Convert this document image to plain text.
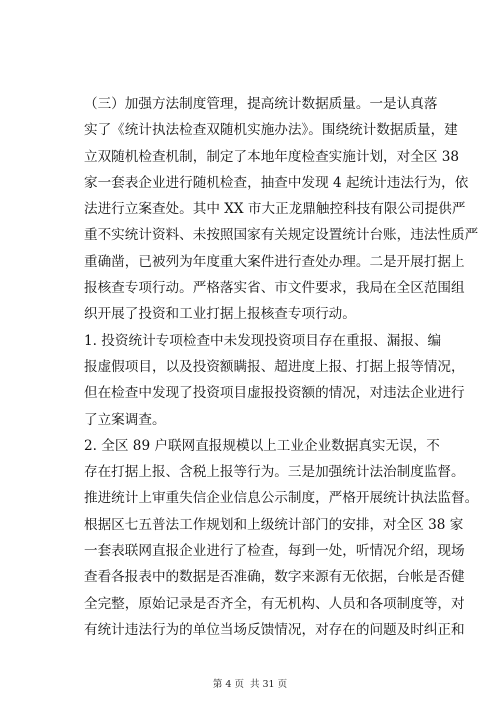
（三）加强方法制度管理，提高统计数据质量。一是认真落
实了《统计执法检查双随机实施办法》。围绕统计数据质量，建
立双随机检查机制，制定了本地年度检查实施计划，对全区 38
家一套表企业进行随机检查，抽查中发现 4 起统计违法行为，依
法进行立案查处。其中 XX 市大正龙鼎触控科技有限公司提供严
重不实统计资料、未按照国家有关规定设置统计台账，违法性质严
重确凿，已被列为年度重大案件进行查处办理。二是开展打据上
报核查专项行动。严格落实省、市文件要求，我局在全区范围组
织开展了投资和工业打据上报核查专项行动。
1. 投资统计专项检查中未发现投资项目存在重报、漏报、编
报虚假项目，以及投资额瞒报、超进度上报、打据上报等情况，
但在检查中发现了投资项目虚报投资额的情况，对违法企业进行
了立案调查。
2. 全区 89 户联网直报规模以上工业企业数据真实无误，不
存在打据上报、含税上报等行为。三是加强统计法治制度监督。
推进统计上审重失信企业信息公示制度，严格开展统计执法监督。
根据区七五普法工作规划和上级统计部门的安排，对全区 38 家
一套表联网直报企业进行了检查，每到一处，听情况介绍，现场
查看各报表中的数据是否准确，数字来源有无依据，台帐是否健
全完整，原始记录是否齐全，有无机构、人员和各项制度等，对
有统计违法行为的单位当场反馈情况，对存在的问题及时纠正和
第 4 页  共 31 页
